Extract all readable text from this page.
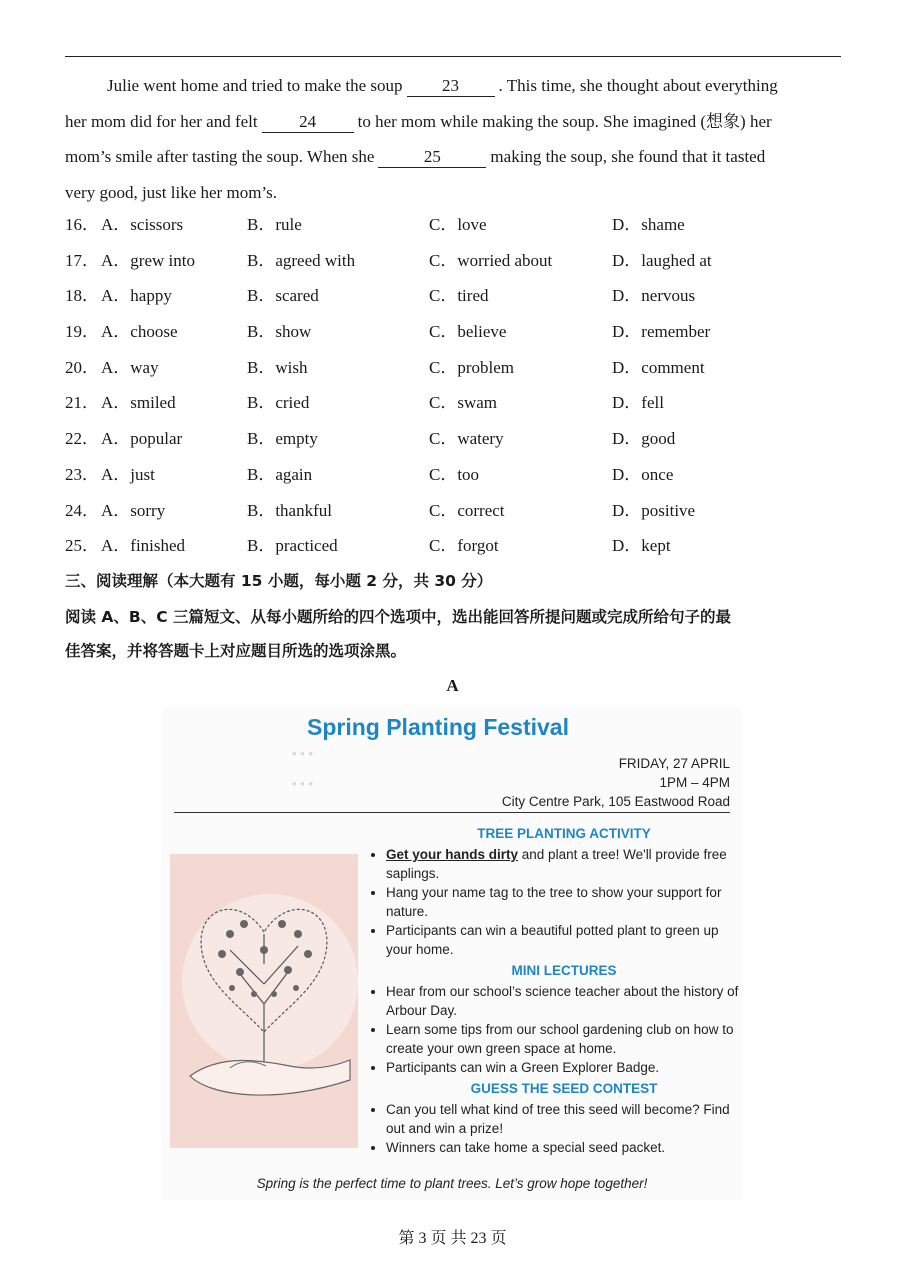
Julie went home and tried to make the soup 23 . This time, she thought about everything

her mom did for her and felt 24 to her mom while making the soup. She imagined (想象) her

mom’s smile after tasting the soup. When she	25	making the soup, she found that it tasted

very good, just like her mom’s.

16． A．scissors	B．rule	C．love	D．shame
17． A．grew into	B．agreed with	C．worried about	D．laughed at
18． A．happy	B．scared	C．tired	D．nervous
19． A．choose	B．show	C．believe	D．remember
20． A．way	B．wish	C．problem	D．comment
21． A．smiled	B．cried	C．swam	D．fell
22． A．popular	B．empty	C．watery	D．good
23． A．just	B．again	C．too	D．once
24． A．sorry	B．thankful	C．correct	D．positive
25． A．finished	B．practiced	C．forgot	D．kept
三、阅读理解（本大题有 15 小题，每小题 2 分，共 30 分）

阅读 A、B、C 三篇短文、从每小题所给的四个选项中，选出能回答所提问题或完成所给句子的最

佳答案，并将答题卡上对应题目所选的选项涂黑。

A
• • •
• • •
Spring Planting Festival
FRIDAY, 27 APRIL
1PM – 4PM
City Centre Park, 105 Eastwood Road
TREE PLANTING ACTIVITY
• Get your hands dirty and plant a tree! We'll provide free saplings.
• Hang your name tag to the tree to show your support for nature.
• Participants can win a beautiful potted plant to green up your home.
MINI LECTURES
• Hear from our school’s science teacher about the history of Arbour Day.
• Learn some tips from our school gardening club on how to create your own green space at home.
• Participants can win a Green Explorer Badge.
GUESS THE SEED CONTEST
• Can you tell what kind of tree this seed will become? Find out and win a prize!
• Winners can take home a special seed packet.
Spring is the perfect time to plant trees. Let’s grow hope together!
第 3 页 共 23 页
